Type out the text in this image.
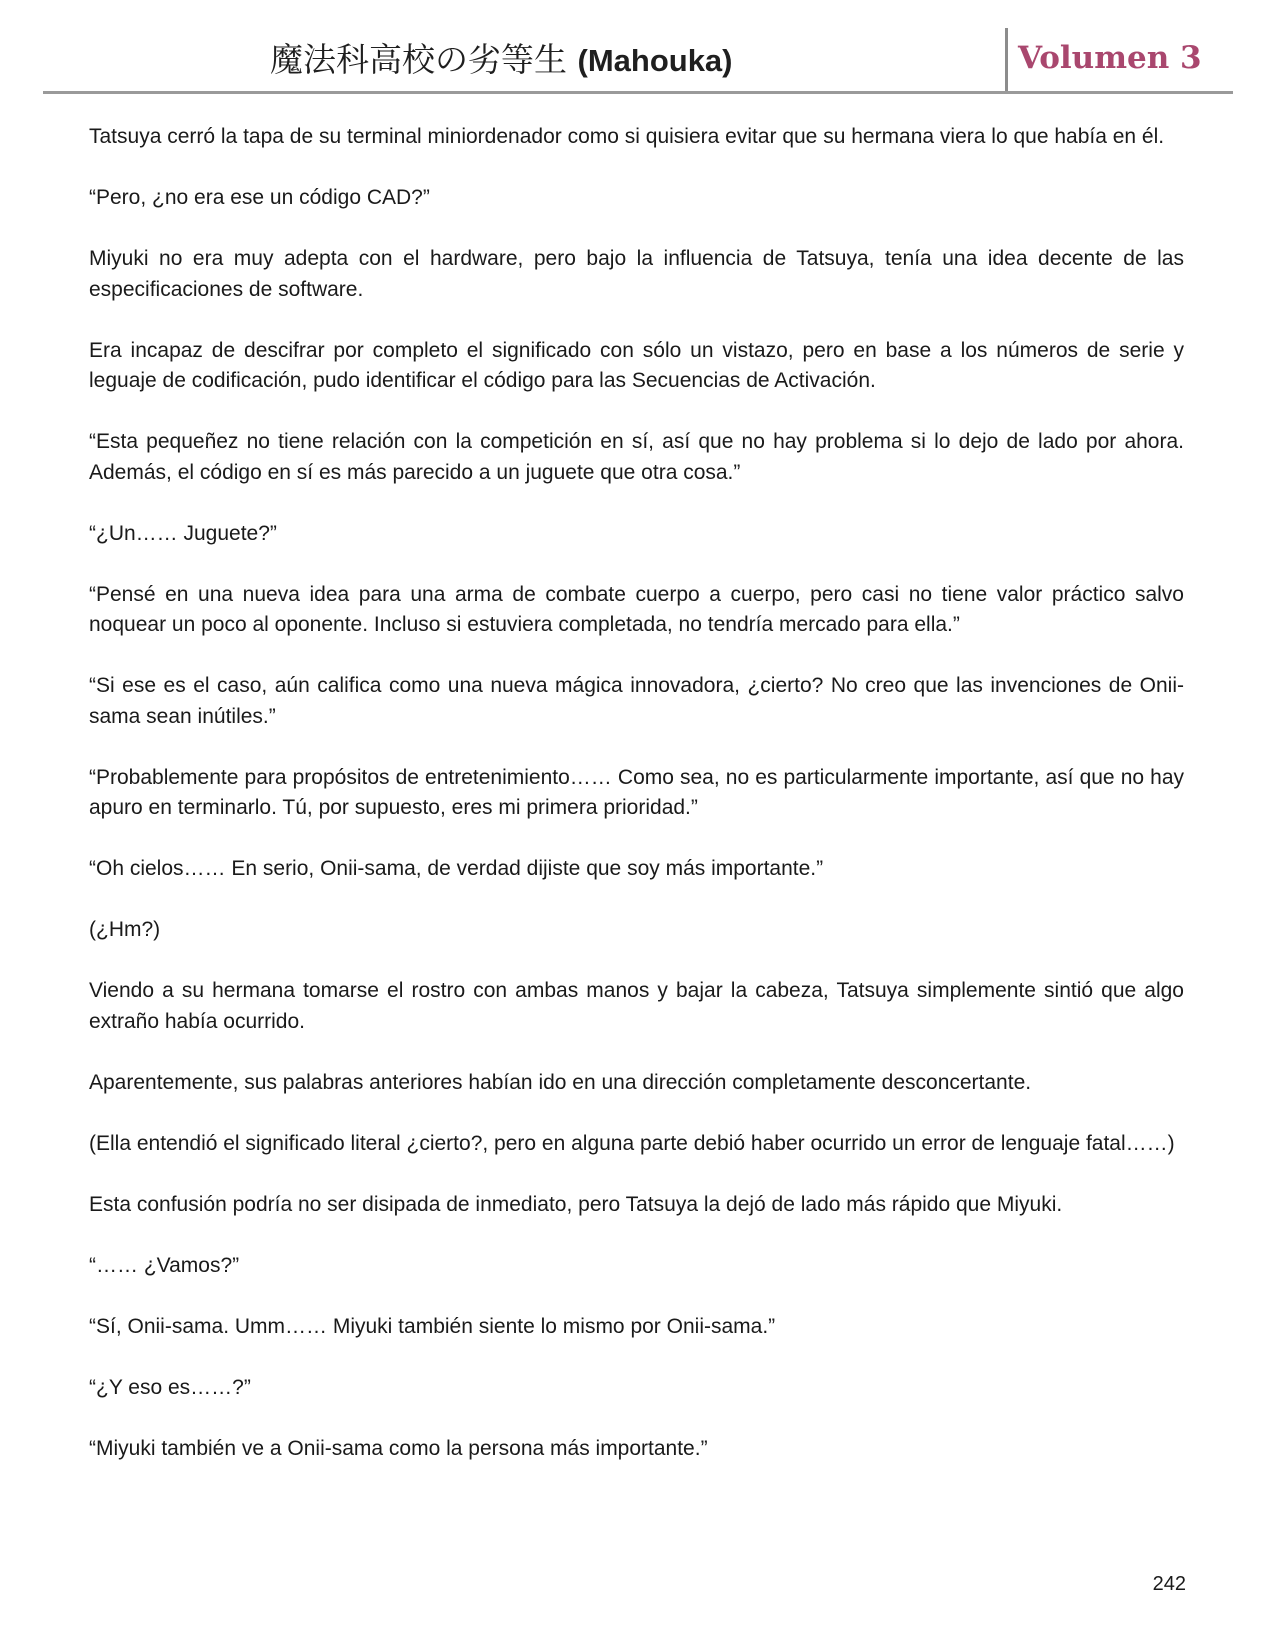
魔法科高校の劣等生 (Mahouka)	Volumen 3

Tatsuya cerró la tapa de su terminal miniordenador como si quisiera evitar que su hermana viera lo que había en él.

“Pero, ¿no era ese un código CAD?”

Miyuki no era muy adepta con el hardware, pero bajo la influencia de Tatsuya, tenía una idea decente de las especificaciones de software.

Era incapaz de descifrar por completo el significado con sólo un vistazo, pero en base a los números de serie y leguaje de codificación, pudo identificar el código para las Secuencias de Activación.

“Esta pequeñez no tiene relación con la competición en sí, así que no hay problema si lo dejo de lado por ahora. Además, el código en sí es más parecido a un juguete que otra cosa.”

“¿Un…… Juguete?”

“Pensé en una nueva idea para una arma de combate cuerpo a cuerpo, pero casi no tiene valor práctico salvo noquear un poco al oponente. Incluso si estuviera completada, no tendría mercado para ella.”

“Si ese es el caso, aún califica como una nueva mágica innovadora, ¿cierto? No creo que las invenciones de Onii-sama sean inútiles.”

“Probablemente para propósitos de entretenimiento…… Como sea, no es particularmente importante, así que no hay apuro en terminarlo. Tú, por supuesto, eres mi primera prioridad.”

“Oh cielos…… En serio, Onii-sama, de verdad dijiste que soy más importante.”

(¿Hm?)

Viendo a su hermana tomarse el rostro con ambas manos y bajar la cabeza, Tatsuya simplemente sintió que algo extraño había ocurrido.

Aparentemente, sus palabras anteriores habían ido en una dirección completamente desconcertante.

(Ella entendió el significado literal ¿cierto?, pero en alguna parte debió haber ocurrido un error de lenguaje fatal……)

Esta confusión podría no ser disipada de inmediato, pero Tatsuya la dejó de lado más rápido que Miyuki.

“…… ¿Vamos?”

“Sí, Onii-sama. Umm…… Miyuki también siente lo mismo por Onii-sama.”

“¿Y eso es……?”

“Miyuki también ve a Onii-sama como la persona más importante.”

242
